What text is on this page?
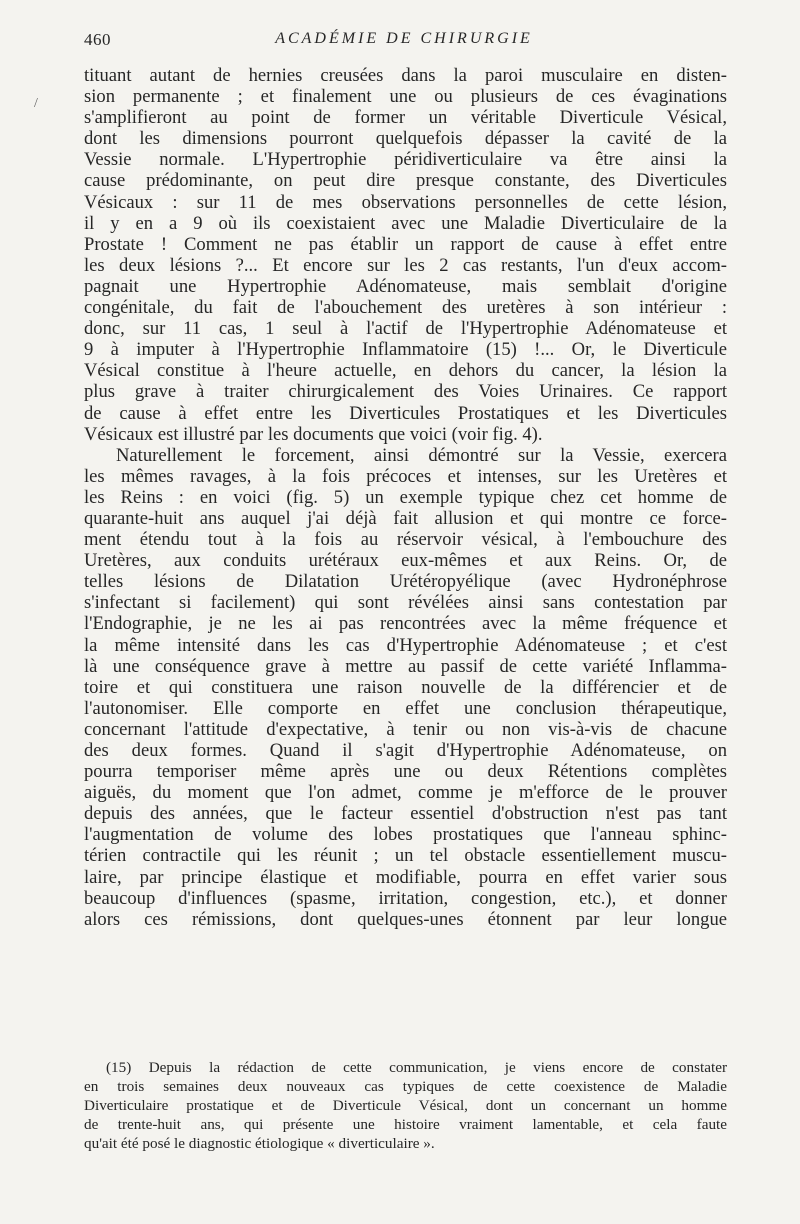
460	ACADÉMIE DE CHIRURGIE
/
tituant autant de hernies creusées dans la paroi musculaire en disten-
sion permanente ; et finalement une ou plusieurs de ces évaginations
s'amplifieront au point de former un véritable Diverticule Vésical,
dont les dimensions pourront quelquefois dépasser la cavité de la
Vessie normale. L'Hypertrophie péridiverticulaire va être ainsi la
cause prédominante, on peut dire presque constante, des Diverticules
Vésicaux : sur 11 de mes observations personnelles de cette lésion,
il y en a 9 où ils coexistaient avec une Maladie Diverticulaire de la
Prostate ! Comment ne pas établir un rapport de cause à effet entre
les deux lésions ?... Et encore sur les 2 cas restants, l'un d'eux accom-
pagnait une Hypertrophie Adénomateuse, mais semblait d'origine
congénitale, du fait de l'abouchement des uretères à son intérieur :
donc, sur 11 cas, 1 seul à l'actif de l'Hypertrophie Adénomateuse et
9 à imputer à l'Hypertrophie Inflammatoire (15) !... Or, le Diverticule
Vésical constitue à l'heure actuelle, en dehors du cancer, la lésion la
plus grave à traiter chirurgicalement des Voies Urinaires. Ce rapport
de cause à effet entre les Diverticules Prostatiques et les Diverticules
Vésicaux est illustré par les documents que voici (voir fig. 4).
Naturellement le forcement, ainsi démontré sur la Vessie, exercera
les mêmes ravages, à la fois précoces et intenses, sur les Uretères et
les Reins : en voici (fig. 5) un exemple typique chez cet homme de
quarante-huit ans auquel j'ai déjà fait allusion et qui montre ce force-
ment étendu tout à la fois au réservoir vésical, à l'embouchure des
Uretères, aux conduits urétéraux eux-mêmes et aux Reins. Or, de
telles lésions de Dilatation Urétéropyélique (avec Hydronéphrose
s'infectant si facilement) qui sont révélées ainsi sans contestation par
l'Endographie, je ne les ai pas rencontrées avec la même fréquence et
la même intensité dans les cas d'Hypertrophie Adénomateuse ; et c'est
là une conséquence grave à mettre au passif de cette variété Inflamma-
toire et qui constituera une raison nouvelle de la différencier et de
l'autonomiser. Elle comporte en effet une conclusion thérapeutique,
concernant l'attitude d'expectative, à tenir ou non vis-à-vis de chacune
des deux formes. Quand il s'agit d'Hypertrophie Adénomateuse, on
pourra temporiser même après une ou deux Rétentions complètes
aiguës, du moment que l'on admet, comme je m'efforce de le prouver
depuis des années, que le facteur essentiel d'obstruction n'est pas tant
l'augmentation de volume des lobes prostatiques que l'anneau sphinc-
térien contractile qui les réunit ; un tel obstacle essentiellement muscu-
laire, par principe élastique et modifiable, pourra en effet varier sous
beaucoup d'influences (spasme, irritation, congestion, etc.), et donner
alors ces rémissions, dont quelques-unes étonnent par leur longue
(15) Depuis la rédaction de cette communication, je viens encore de constater
en trois semaines deux nouveaux cas typiques de cette coexistence de Maladie
Diverticulaire prostatique et de Diverticule Vésical, dont un concernant un homme
de trente-huit ans, qui présente une histoire vraiment lamentable, et cela faute
qu'ait été posé le diagnostic étiologique « diverticulaire ».
